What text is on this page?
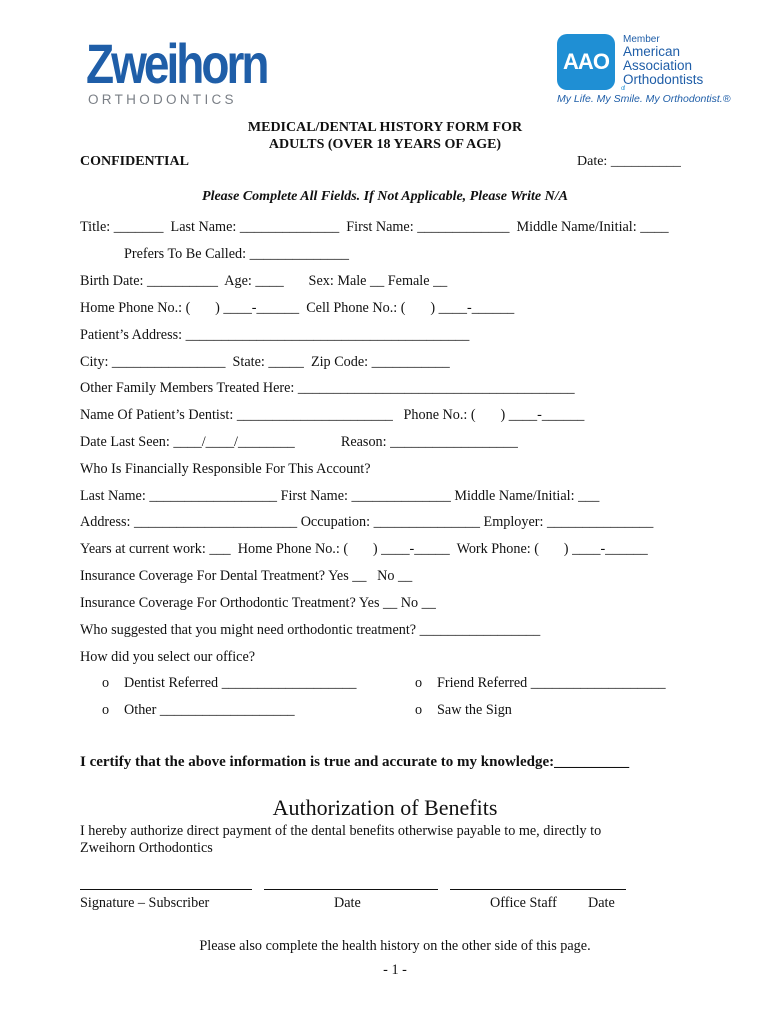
Zweihorn
ORTHODONTICS
AAO
of
Member
American
Association
Orthodontists
My Life. My Smile. My Orthodontist.®
MEDICAL/DENTAL HISTORY FORM FOR
ADULTS (OVER 18 YEARS OF AGE)
CONFIDENTIAL	Date: __________
Please Complete All Fields. If Not Applicable, Please Write N/A
Title: _______  Last Name: ______________  First Name: _____________  Middle Name/Initial: ____
Prefers To Be Called: ______________
Birth Date: __________  Age: ____       Sex: Male __ Female __
Home Phone No.: (       ) ____-______  Cell Phone No.: (       ) ____-______
Patient’s Address: ________________________________________
City: ________________  State: _____  Zip Code: ___________
Other Family Members Treated Here: _______________________________________
Name Of Patient’s Dentist: ______________________   Phone No.: (       ) ____-______
Date Last Seen: ____/____/________             Reason: __________________
Who Is Financially Responsible For This Account?
Last Name: __________________ First Name: ______________ Middle Name/Initial: ___
Address: _______________________ Occupation: _______________ Employer: _______________
Years at current work: ___  Home Phone No.: (       ) ____-_____  Work Phone: (       ) ____-______
Insurance Coverage For Dental Treatment? Yes __   No __
Insurance Coverage For Orthodontic Treatment? Yes __ No __
Who suggested that you might need orthodontic treatment? _________________
How did you select our office?
o Dentist Referred ___________________	o Friend Referred ___________________
o Other ___________________	o Saw the Sign
I certify that the above information is true and accurate to my knowledge:__________
Authorization of Benefits
I hereby authorize direct payment of the dental benefits otherwise payable to me, directly to
Zweihorn Orthodontics
Signature – Subscriber	Date	Office Staff Date
Please also complete the health history on the other side of this page.
- 1 -
